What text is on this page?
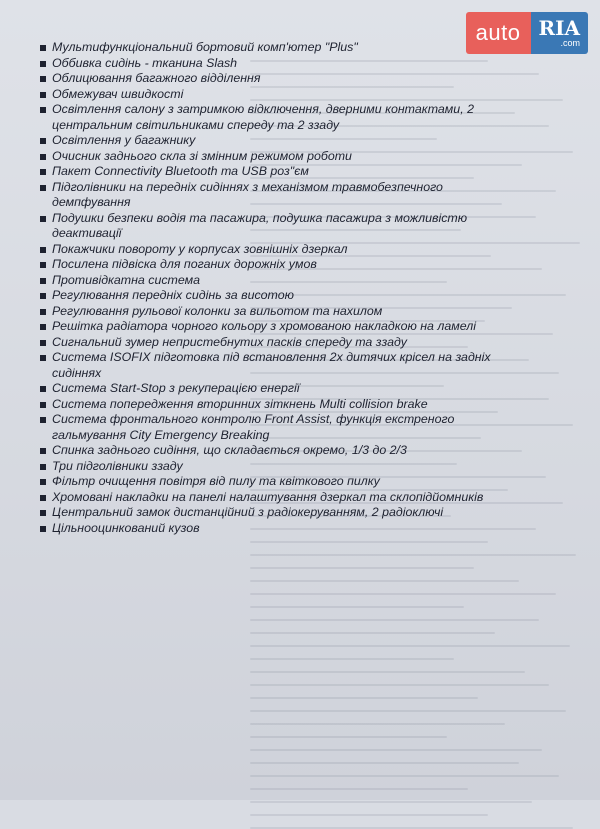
auto RIA
.com
Мультифункціональний бортовий комп'ютер "Plus"
Оббивка сидінь - тканина Slash
Облицювання багажного відділення
Обмежувач швидкості
Освітлення салону з затримкою відключення, дверними контактами, 2 центральним світильниками спереду та 2 ззаду
Освітлення у багажнику
Очисник заднього скла зі змінним режимом роботи
Пакет Connectivity Bluetooth та USB роз"єм
Підголівники на передніх сидіннях з механізмом травмобезпечного демпфування
Подушки безпеки водія та пасажира, подушка пасажира з можливістю деактивації
Покажчики повороту у корпусах зовнішніх дзеркал
Посилена підвіска для поганих дорожніх умов
Противідкатна система
Регулювання передніх сидінь за висотою
Регулювання рульової колонки за вильотом та нахилом
Решітка радіатора чорного кольору з хромованою накладкою на ламелі
Сигнальний зумер непристебнутих пасків спереду та ззаду
Система ISOFIX підготовка під встановлення 2х дитячих крісел на задніх сидіннях
Система Start-Stop з рекуперацією енергії
Система попередження вторинних зіткнень Multi collision brake
Система фронтального контролю Front Assist, функція екстреного гальмування City Emergency Breaking
Спинка заднього сидіння, що складається окремо, 1/3 до 2/3
Три підголівники ззаду
Фільтр очищення повітря від пилу та квіткового пилку
Хромовані накладки на панелі налаштування дзеркал та склопідйомників
Центральний замок дистанційний з радіокеруванням, 2 радіоключі
Цільнооцинкований кузов
